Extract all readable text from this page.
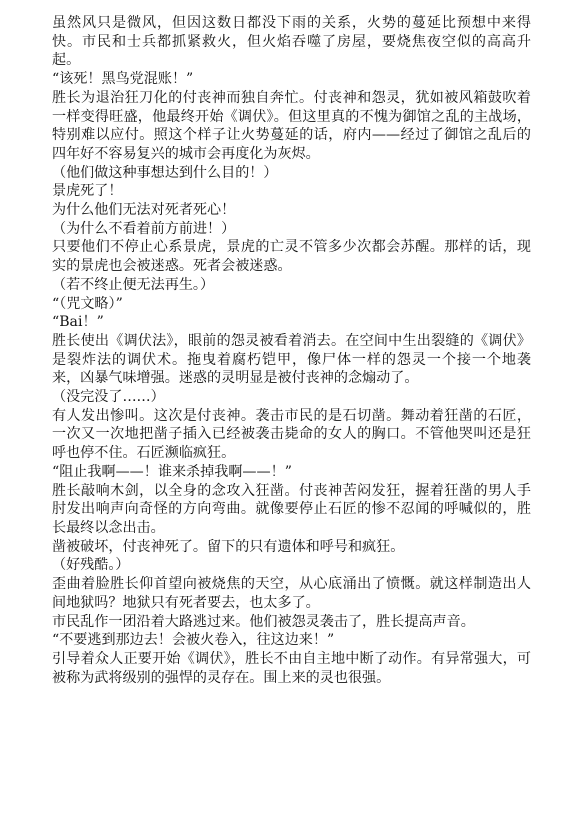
虽然风只是微风，但因这数日都没下雨的关系，火势的蔓延比预想中来得快。市民和士兵都抓紧救火，但火焰吞噬了房屋，要烧焦夜空似的高高升起。

“该死！黑鸟党混账！”

胜长为退治狂刀化的付丧神而独自奔忙。付丧神和怨灵，犹如被风箱鼓吹着一样变得旺盛，他最终开始《调伏》。但这里真的不愧为御馆之乱的主战场，特别难以应付。照这个样子让火势蔓延的话，府内——经过了御馆之乱后的四年好不容易复兴的城市会再度化为灰烬。

（他们做这种事想达到什么目的！）

景虎死了！

为什么他们无法对死者死心！

（为什么不看着前方前进！）

只要他们不停止心系景虎，景虎的亡灵不管多少次都会苏醒。那样的话，现实的景虎也会被迷惑。死者会被迷惑。

（若不终止便无法再生。）

“（咒文略）”

“Bai！”

胜长使出《调伏法》，眼前的怨灵被看着消去。在空间中生出裂缝的《调伏》是裂炸法的调伏术。拖曳着腐朽铠甲，像尸体一样的怨灵一个接一个地袭来，凶暴气味增强。迷惑的灵明显是被付丧神的念煽动了。

（没完没了……）

有人发出惨叫。这次是付丧神。袭击市民的是石切凿。舞动着狂凿的石匠，一次又一次地把凿子插入已经被袭击毙命的女人的胸口。不管他哭叫还是狂呼也停不住。石匠濒临疯狂。

“阻止我啊——！谁来杀掉我啊——！”

胜长敲响木剑，以全身的念攻入狂凿。付丧神苦闷发狂，握着狂凿的男人手肘发出响声向奇怪的方向弯曲。就像要停止石匠的惨不忍闻的呼喊似的，胜长最终以念出击。

凿被破坏，付丧神死了。留下的只有遗体和呼号和疯狂。

（好残酷。）

歪曲着脸胜长仰首望向被烧焦的天空，从心底涌出了愤慨。就这样制造出人间地狱吗？地狱只有死者要去，也太多了。

市民乱作一团沿着大路逃过来。他们被怨灵袭击了，胜长提高声音。

“不要逃到那边去！会被火卷入，往这边来！”

引导着众人正要开始《调伏》，胜长不由自主地中断了动作。有异常强大，可被称为武将级别的强悍的灵存在。围上来的灵也很强。
